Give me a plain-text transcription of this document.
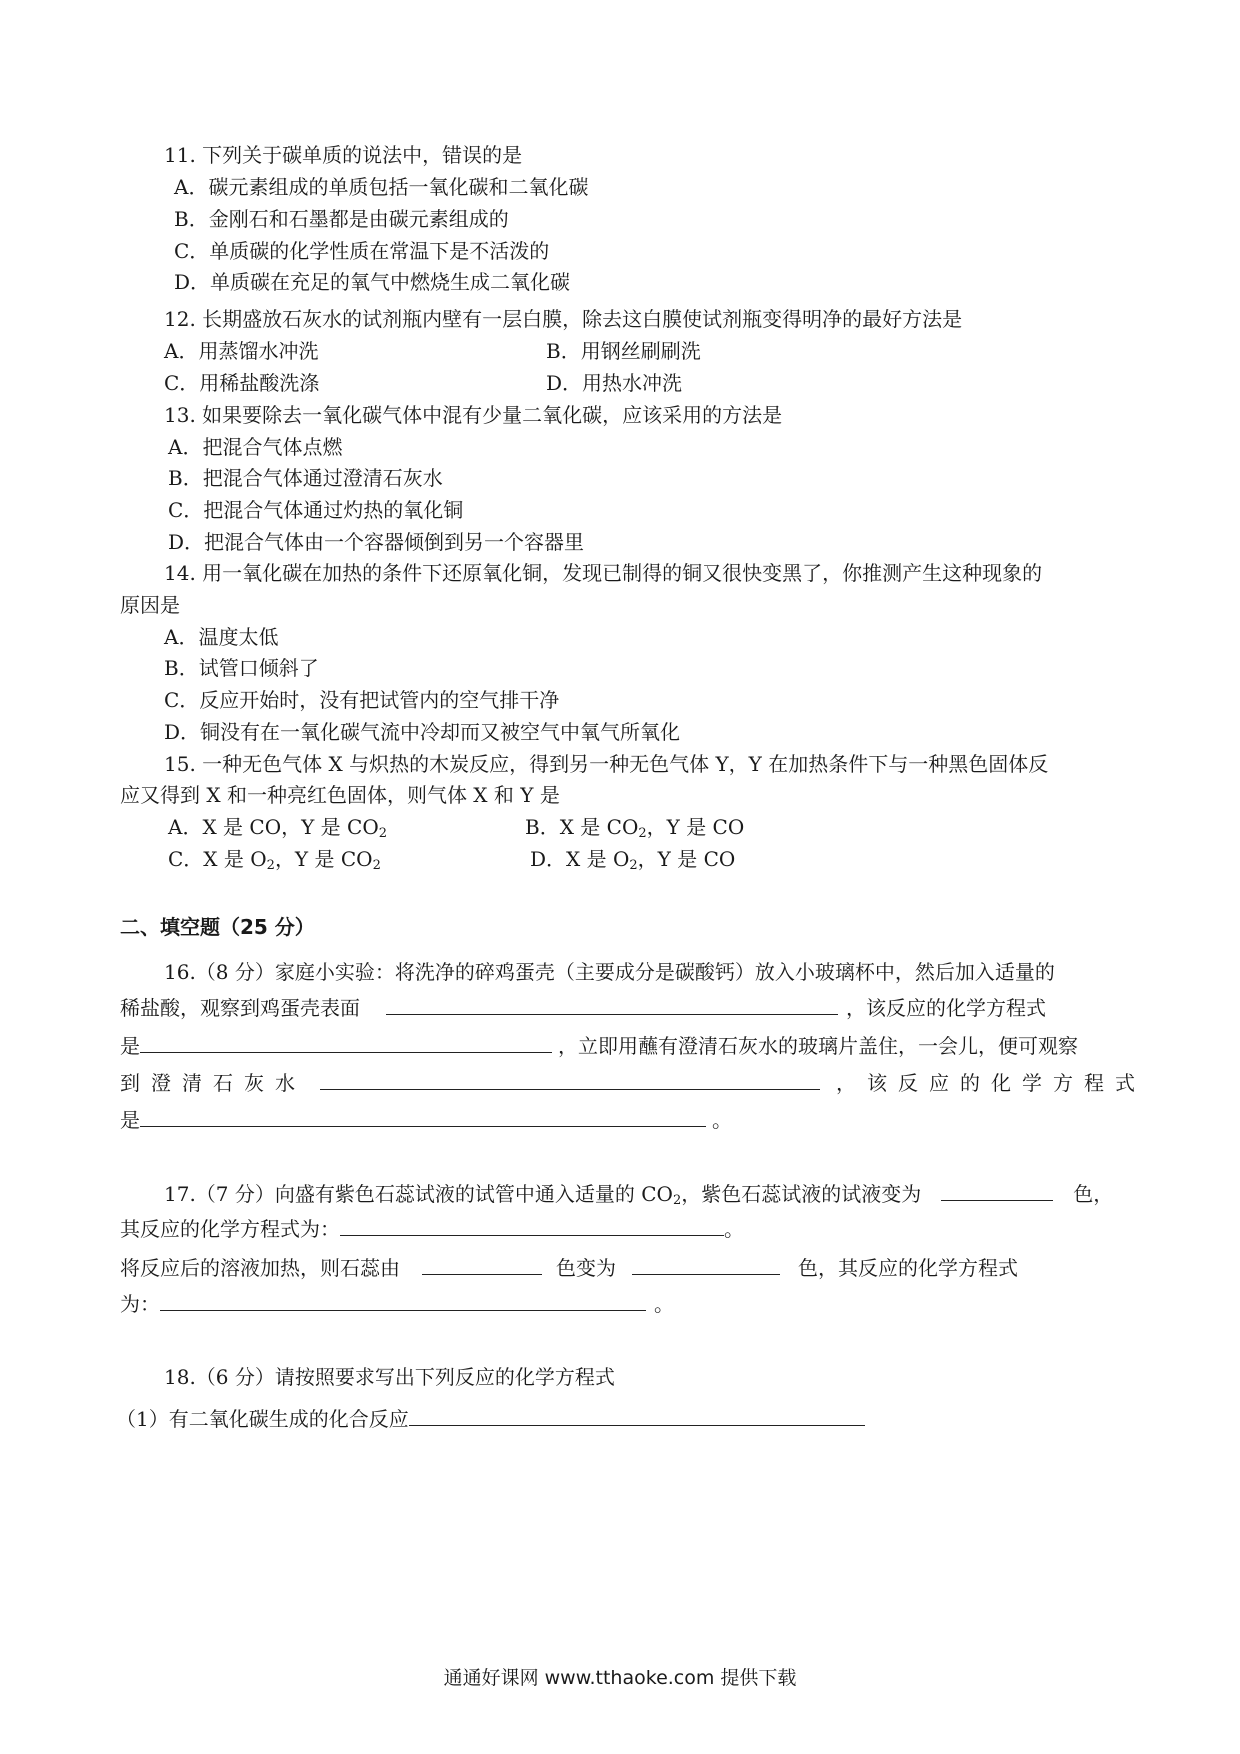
11. 下列关于碳单质的说法中，错误的是
A．碳元素组成的单质包括一氧化碳和二氧化碳
B．金刚石和石墨都是由碳元素组成的
C．单质碳的化学性质在常温下是不活泼的
D．单质碳在充足的氧气中燃烧生成二氧化碳
12. 长期盛放石灰水的试剂瓶内壁有一层白膜，除去这白膜使试剂瓶变得明净的最好方法是
A．用蒸馏水冲洗	B．用钢丝刷刷洗
C．用稀盐酸洗涤	D．用热水冲洗
13. 如果要除去一氧化碳气体中混有少量二氧化碳，应该采用的方法是
A．把混合气体点燃
B．把混合气体通过澄清石灰水
C．把混合气体通过灼热的氧化铜
D．把混合气体由一个容器倾倒到另一个容器里
14. 用一氧化碳在加热的条件下还原氧化铜，发现已制得的铜又很快变黑了，你推测产生这种现象的
原因是
A．温度太低
B．试管口倾斜了
C．反应开始时，没有把试管内的空气排干净
D．铜没有在一氧化碳气流中冷却而又被空气中氧气所氧化
15. 一种无色气体 X 与炽热的木炭反应，得到另一种无色气体 Y，Y 在加热条件下与一种黑色固体反
应又得到 X 和一种亮红色固体，则气体 X 和 Y 是
A．X 是 CO，Y 是 $CO_2$	B．X 是 $CO_2$，Y 是 CO
C．X 是 $O_2$，Y 是 $CO_2$	D．X 是 $O_2$，Y 是 CO
二、填空题（25 分）
16.（8 分）家庭小实验：将洗净的碎鸡蛋壳（主要成分是碳酸钙）放入小玻璃杯中，然后加入适量的
稀盐酸，观察到鸡蛋壳表面	，该反应的化学方程式
是	，立即用蘸有澄清石灰水的玻璃片盖住，一会儿，便可观察
到澄清石灰水	，该反应的化学方程式
是	。
17.（7 分）向盛有紫色石蕊试液的试管中通入适量的 $CO_2$，紫色石蕊试液的试液变为	色，
其反应的化学方程式为：	。
将反应后的溶液加热，则石蕊由	色变为	色，其反应的化学方程式
为：	。
18.（6 分）请按照要求写出下列反应的化学方程式
（1）有二氧化碳生成的化合反应
通通好课网 www.tthaoke.com 提供下载
